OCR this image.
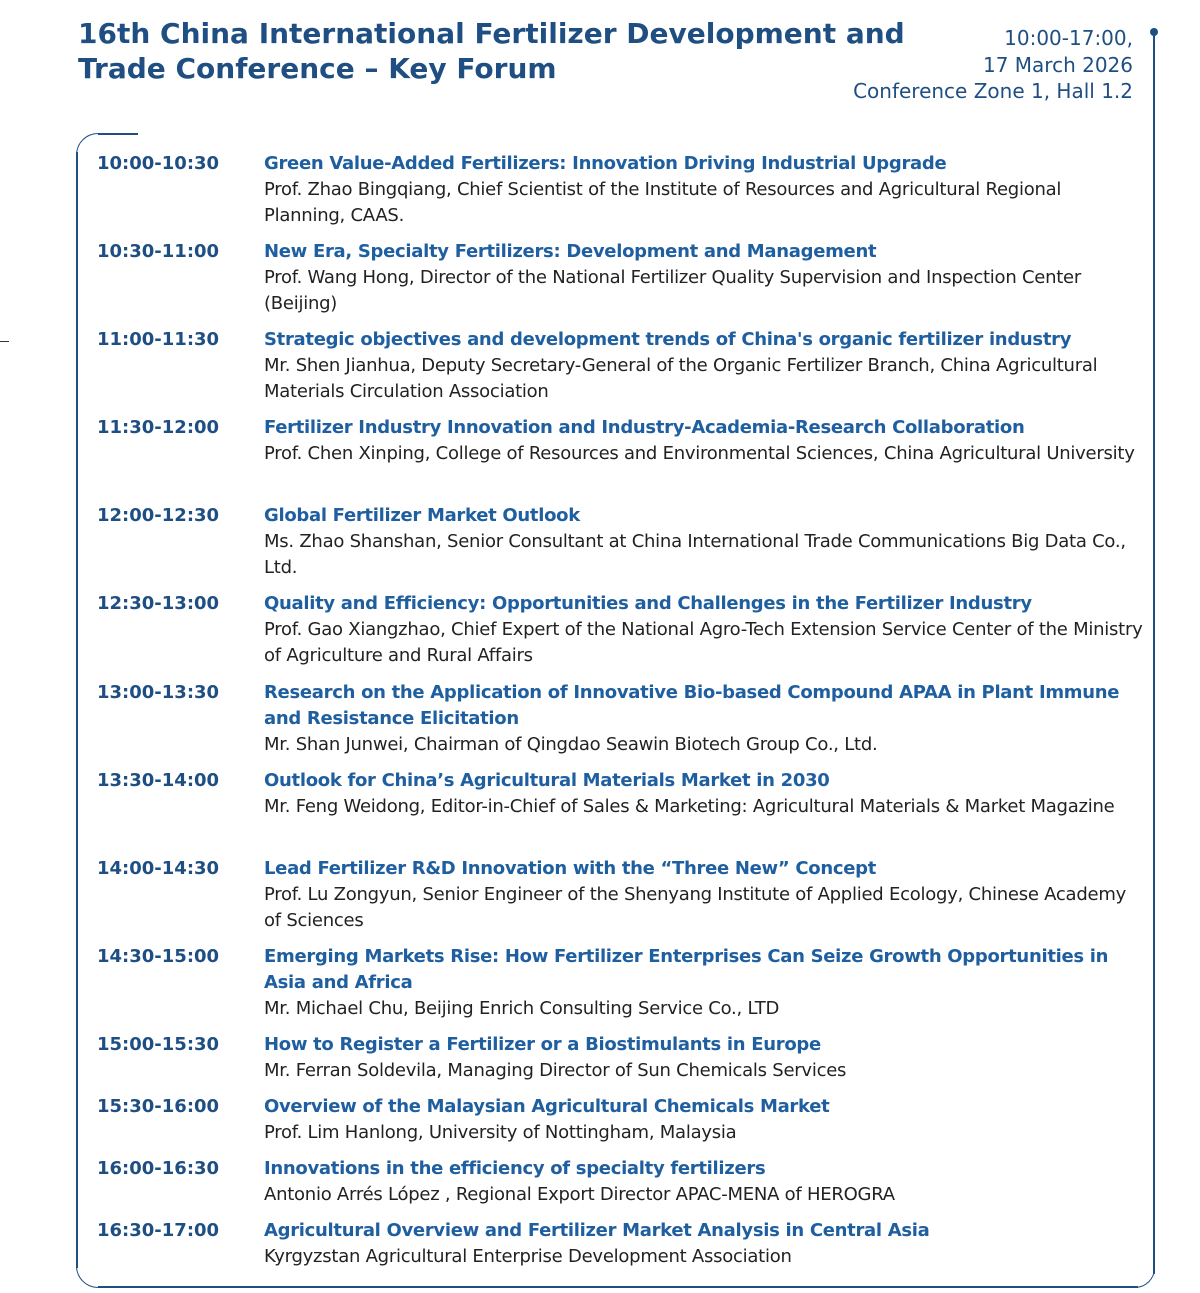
16th China International Fertilizer Development and
Trade Conference – Key Forum
10:00-17:00,
17 March 2026
Conference Zone 1, Hall 1.2
10:00-10:30	Green Value-Added Fertilizers: Innovation Driving Industrial Upgrade
Prof. Zhao Bingqiang, Chief Scientist of the Institute of Resources and Agricultural Regional Planning, CAAS.
10:30-11:00	New Era, Specialty Fertilizers: Development and Management
Prof. Wang Hong, Director of the National Fertilizer Quality Supervision and Inspection Center (Beijing)
11:00-11:30	Strategic objectives and development trends of China's organic fertilizer industry
Mr. Shen Jianhua, Deputy Secretary-General of the Organic Fertilizer Branch, China Agricultural Materials Circulation Association
11:30-12:00	Fertilizer Industry Innovation and Industry-Academia-Research Collaboration
Prof. Chen Xinping, College of Resources and Environmental Sciences, China Agricultural University
12:00-12:30	Global Fertilizer Market Outlook
Ms. Zhao Shanshan, Senior Consultant at China International Trade Communications Big Data Co., Ltd.
12:30-13:00	Quality and Efficiency: Opportunities and Challenges in the Fertilizer Industry
Prof. Gao Xiangzhao, Chief Expert of the National Agro-Tech Extension Service Center of the Ministry of Agriculture and Rural Affairs
13:00-13:30	Research on the Application of Innovative Bio-based Compound APAA in Plant Immune and Resistance Elicitation
Mr. Shan Junwei, Chairman of Qingdao Seawin Biotech Group Co., Ltd.
13:30-14:00	Outlook for China’s Agricultural Materials Market in 2030
Mr. Feng Weidong, Editor-in-Chief of Sales & Marketing: Agricultural Materials & Market Magazine
14:00-14:30	Lead Fertilizer R&D Innovation with the “Three New” Concept
Prof. Lu Zongyun, Senior Engineer of the Shenyang Institute of Applied Ecology, Chinese Academy of Sciences
14:30-15:00	Emerging Markets Rise: How Fertilizer Enterprises Can Seize Growth Opportunities in Asia and Africa
Mr. Michael Chu, Beijing Enrich Consulting Service Co., LTD
15:00-15:30	How to Register a Fertilizer or a Biostimulants in Europe
Mr. Ferran Soldevila, Managing Director of Sun Chemicals Services
15:30-16:00	Overview of the Malaysian Agricultural Chemicals Market
Prof. Lim Hanlong, University of Nottingham, Malaysia
16:00-16:30	Innovations in the efficiency of specialty fertilizers
Antonio Arrés López , Regional Export Director APAC-MENA of HEROGRA
16:30-17:00	Agricultural Overview and Fertilizer Market Analysis in Central Asia
Kyrgyzstan Agricultural Enterprise Development Association
